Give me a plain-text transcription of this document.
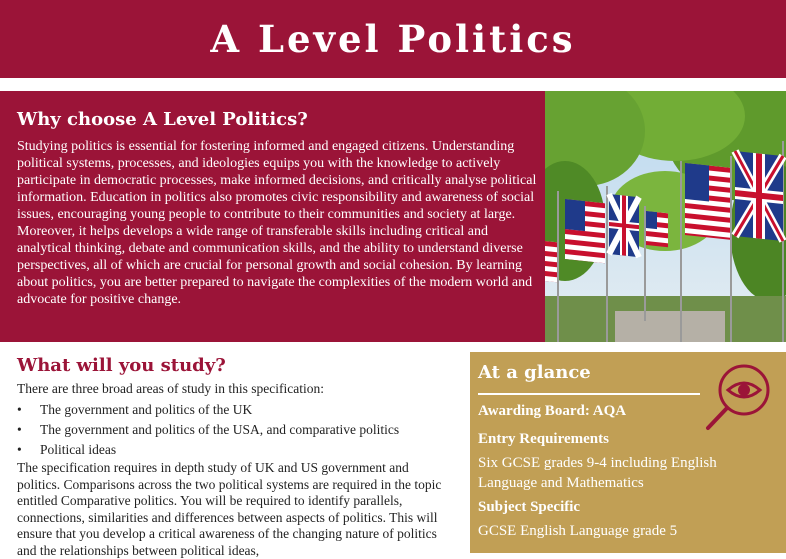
A Level Politics
Why choose A Level Politics?

Studying politics is essential for fostering informed and engaged citizens. Understanding political systems, processes, and ideologies equips you with the knowledge to actively participate in democratic processes, make informed decisions, and critically analyse political information. Education in politics also promotes civic responsibility and awareness of social issues, encouraging young people to contribute to their communities and society at large. Moreover, it helps develops a wide range of transferable skills including critical and analytical thinking, debate and communication skills, and the ability to understand diverse perspectives, all of which are crucial for personal growth and social cohesion. By learning about politics, you are better prepared to navigate the complexities of the modern world and advocate for positive change.

What will you study?
There are three broad areas of study in this specification:
• The government and politics of the UK
• The government and politics of the USA, and comparative politics
• Political ideas
The specification requires in depth study of UK and US government and politics. Comparisons across the two political systems are required in the topic entitled Comparative politics. You will be required to identify parallels, connections, similarities and differences between aspects of politics. This will ensure that you develop a critical awareness of the changing nature of politics and the relationships between political ideas,
At a glance
Awarding Board: AQA
Entry Requirements
Six GCSE grades 9-4 including English Language and Mathematics
Subject Specific
GCSE English Language grade 5
